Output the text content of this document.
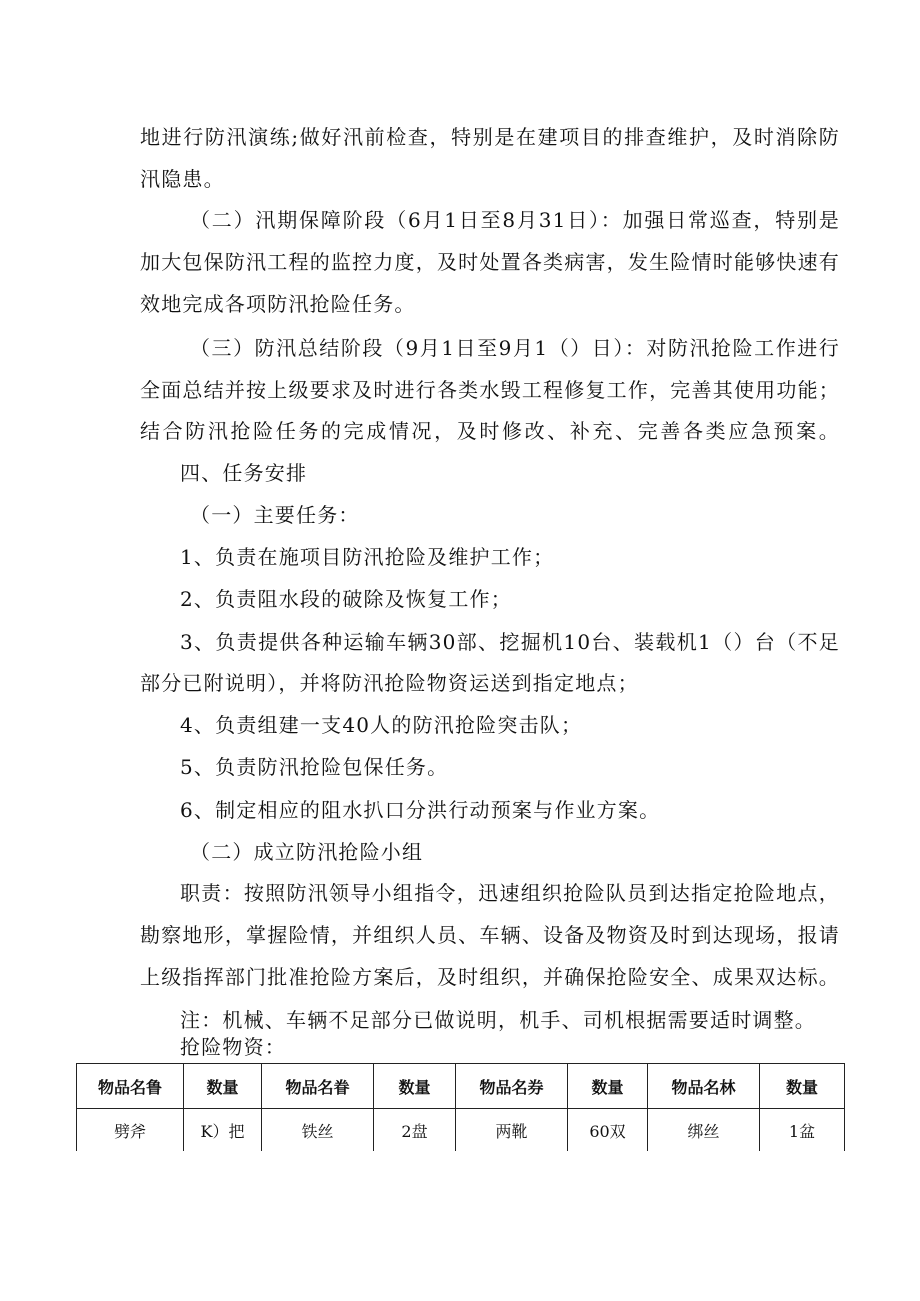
地进行防汛演练;做好汛前检查，特别是在建项目的排查维护，及时消除防
汛隐患。
（二）汛期保障阶段（6月1日至8月31日）：加强日常巡查，特别是
加大包保防汛工程的监控力度，及时处置各类病害，发生险情时能够快速有
效地完成各项防汛抢险任务。
（三）防汛总结阶段（9月1日至9月1（）日）：对防汛抢险工作进行
全面总结并按上级要求及时进行各类水毁工程修复工作，完善其使用功能；
结合防汛抢险任务的完成情况，及时修改、补充、完善各类应急预案。
四、任务安排
（一）主要任务：
1、负责在施项目防汛抢险及维护工作；
2、负责阻水段的破除及恢复工作；
3、负责提供各种运输车辆30部、挖掘机10台、装载机1（）台（不足
部分已附说明），并将防汛抢险物资运送到指定地点；
4、负责组建一支40人的防汛抢险突击队；
5、负责防汛抢险包保任务。
6、制定相应的阻水扒口分洪行动预案与作业方案。
（二）成立防汛抢险小组
职责：按照防汛领导小组指令，迅速组织抢险队员到达指定抢险地点，
勘察地形，掌握险情，并组织人员、车辆、设备及物资及时到达现场，报请
上级指挥部门批准抢险方案后，及时组织，并确保抢险安全、成果双达标。
注：机械、车辆不足部分已做说明，机手、司机根据需要适时调整。
抢险物资：
物品名鲁	数量	物品名眷	数量	物品名券	数量	物品名林	数量
劈斧	K）把	铁丝	2盘	两靴	60双	绑丝	1盆
